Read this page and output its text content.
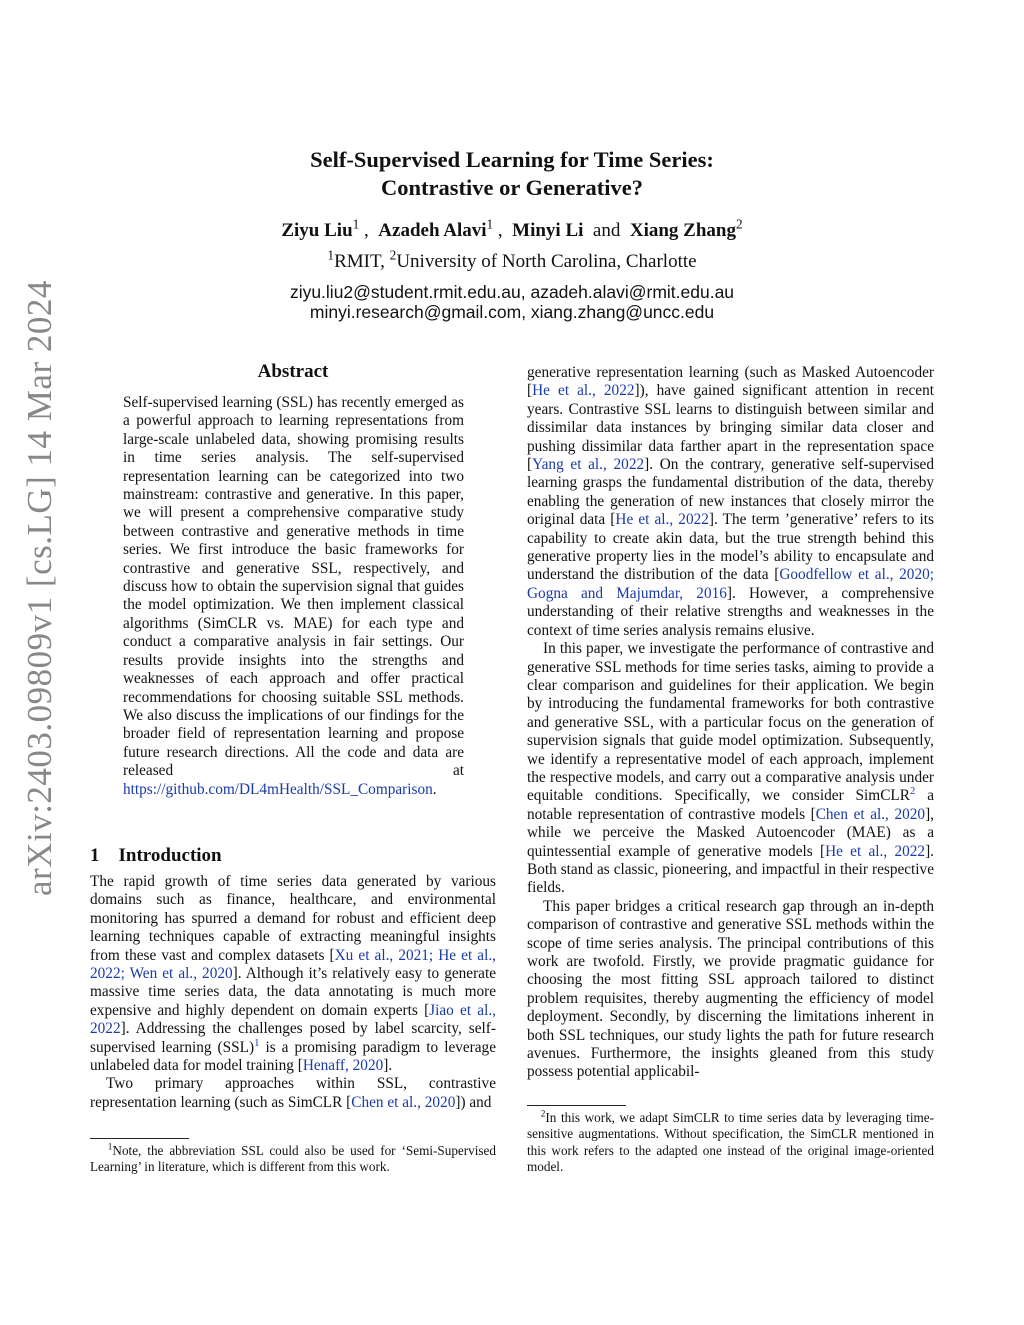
Self-Supervised Learning for Time Series:
Contrastive or Generative?
Ziyu Liu$^1$ ,  Azadeh Alavi$^1$ ,  Minyi Li and Xiang Zhang$^2$
$^1$RMIT, $^2$University of North Carolina, Charlotte
ziyu.liu2@student.rmit.edu.au, azadeh.alavi@rmit.edu.au
minyi.research@gmail.com, xiang.zhang@uncc.edu
arXiv:2403.09809v1 [cs.LG] 14 Mar 2024	Abstract
Self-supervised learning (SSL) has recently emerged as a powerful approach to learning representations from large-scale unlabeled data, showing promising results in time series analysis. The self-supervised representation learning can be categorized into two mainstream: contrastive and generative. In this paper, we will present a comprehensive comparative study between contrastive and generative methods in time series. We first introduce the basic frameworks for contrastive and generative SSL, respectively, and discuss how to obtain the supervision signal that guides the model optimization. We then implement classical algorithms (SimCLR vs. MAE) for each type and conduct a comparative analysis in fair settings. Our results provide insights into the strengths and weaknesses of each approach and offer practical recommendations for choosing suitable SSL methods. We also discuss the implications of our findings for the broader field of representation learning and propose future research directions. All the code and data are released at https://github.com/DL4mHealth/SSL_Comparison.
1 Introduction

The rapid growth of time series data generated by various domains such as finance, healthcare, and environmental monitoring has spurred a demand for robust and efficient deep learning techniques capable of extracting meaningful insights from these vast and complex datasets [Xu et al., 2021; He et al., 2022; Wen et al., 2020]. Although it’s relatively easy to generate massive time series data, the data annotating is much more expensive and highly dependent on domain experts [Jiao et al., 2022]. Addressing the challenges posed by label scarcity, self-supervised learning (SSL)$^1$ is a promising paradigm to leverage unlabeled data for model training [Henaff, 2020].

Two primary approaches within SSL, contrastive representation learning (such as SimCLR [Chen et al., 2020]) and

$^1$Note, the abbreviation SSL could also be used for ‘Semi-Supervised Learning’ in literature, which is different from this work.

generative representation learning (such as Masked Autoencoder [He et al., 2022]), have gained significant attention in recent years. Contrastive SSL learns to distinguish between similar and dissimilar data instances by bringing similar data closer and pushing dissimilar data farther apart in the representation space [Yang et al., 2022]. On the contrary, generative self-supervised learning grasps the fundamental distribution of the data, thereby enabling the generation of new instances that closely mirror the original data [He et al., 2022]. The term ’generative’ refers to its capability to create akin data, but the true strength behind this generative property lies in the model’s ability to encapsulate and understand the distribution of the data [Goodfellow et al., 2020; Gogna and Majumdar, 2016]. However, a comprehensive understanding of their relative strengths and weaknesses in the context of time series analysis remains elusive.

In this paper, we investigate the performance of contrastive and generative SSL methods for time series tasks, aiming to provide a clear comparison and guidelines for their application. We begin by introducing the fundamental frameworks for both contrastive and generative SSL, with a particular focus on the generation of supervision signals that guide model optimization. Subsequently, we identify a representative model of each approach, implement the respective models, and carry out a comparative analysis under equitable conditions. Specifically, we consider SimCLR$^2$ a notable representation of contrastive models [Chen et al., 2020], while we perceive the Masked Autoencoder (MAE) as a quintessential example of generative models [He et al., 2022]. Both stand as classic, pioneering, and impactful in their respective fields.

This paper bridges a critical research gap through an in-depth comparison of contrastive and generative SSL methods within the scope of time series analysis. The principal contributions of this work are twofold. Firstly, we provide pragmatic guidance for choosing the most fitting SSL approach tailored to distinct problem requisites, thereby augmenting the efficiency of model deployment. Secondly, by discerning the limitations inherent in both SSL techniques, our study lights the path for future research avenues. Furthermore, the insights gleaned from this study possess potential applicabil-

$^2$In this work, we adapt SimCLR to time series data by leveraging time-sensitive augmentations. Without specification, the SimCLR mentioned in this work refers to the adapted one instead of the original image-oriented model.
